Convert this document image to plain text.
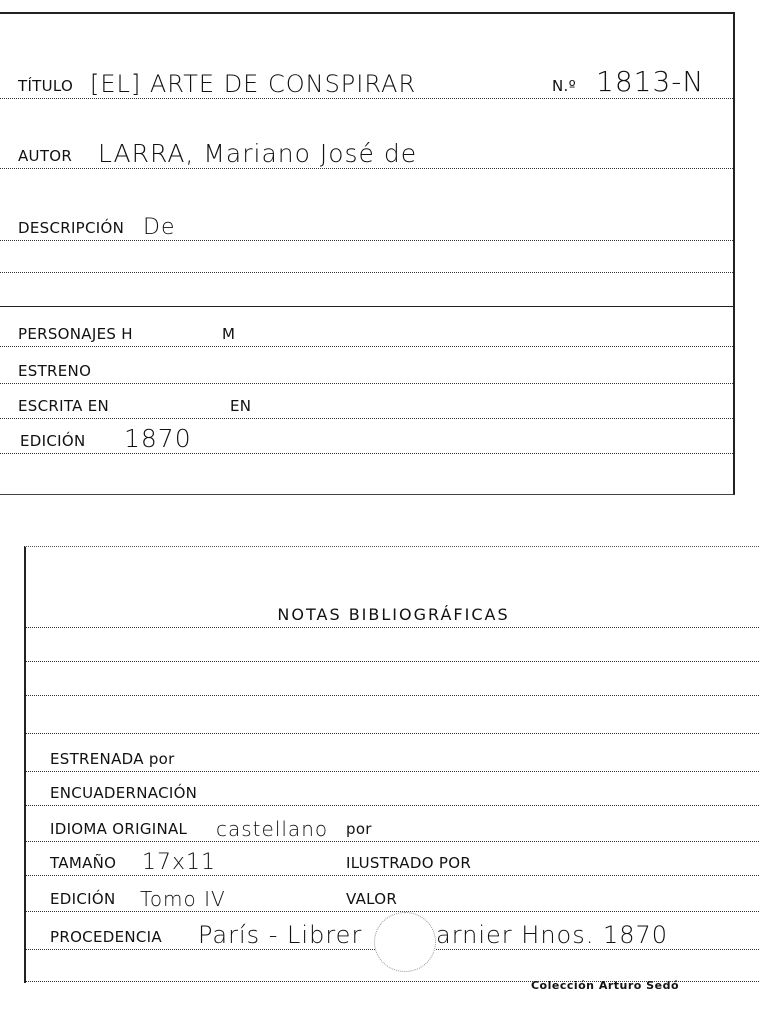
TÍTULO [EL] ARTE DE CONSPIRAR	N.º 1813-N
AUTOR LARRA, Mariano José de
DESCRIPCIÓN De
PERSONAJES H	M
ESTRENO
ESCRITA EN	EN
EDICIÓN 1870
NOTAS BIBLIOGRÁFICAS
ESTRENADA por
ENCUADERNACIÓN
IDIOMA ORIGINAL castellano por
TAMAÑO 17x11	ILUSTRADO POR
EDICIÓN Tomo IV	VALOR
PROCEDENCIA París - Librer	arnier Hnos. 1870
Colección Arturo Sedó
